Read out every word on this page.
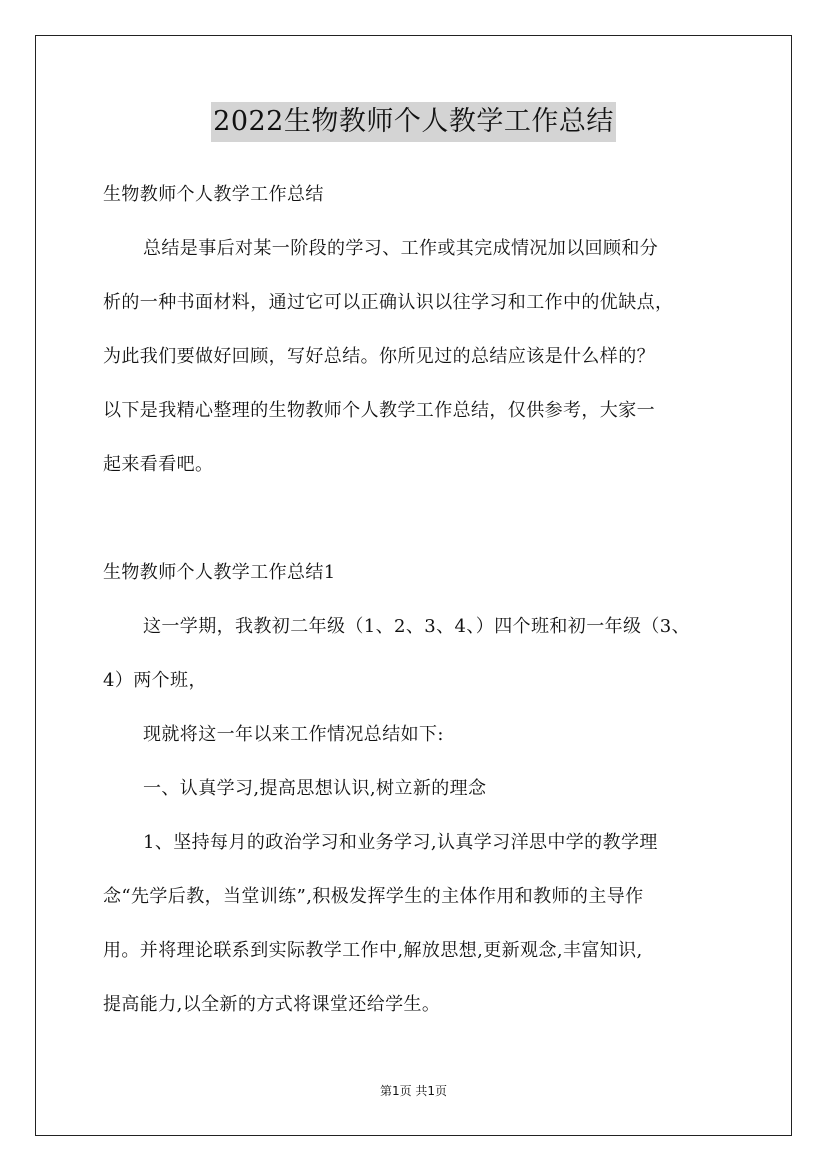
2022生物教师个人教学工作总结
生物教师个人教学工作总结
总结是事后对某一阶段的学习、工作或其完成情况加以回顾和分
析的一种书面材料，通过它可以正确认识以往学习和工作中的优缺点，
为此我们要做好回顾，写好总结。你所见过的总结应该是什么样的？
以下是我精心整理的生物教师个人教学工作总结，仅供参考，大家一
起来看看吧。
生物教师个人教学工作总结1
这一学期，我教初二年级（1、2、3、4、）四个班和初一年级（3、
4）两个班，
现就将这一年以来工作情况总结如下:
一、认真学习,提高思想认识,树立新的理念
1、坚持每月的政治学习和业务学习,认真学习洋思中学的教学理
念“先学后教，当堂训练”,积极发挥学生的主体作用和教师的主导作
用。并将理论联系到实际教学工作中,解放思想,更新观念,丰富知识,
提高能力,以全新的方式将课堂还给学生。
第1页 共1页
